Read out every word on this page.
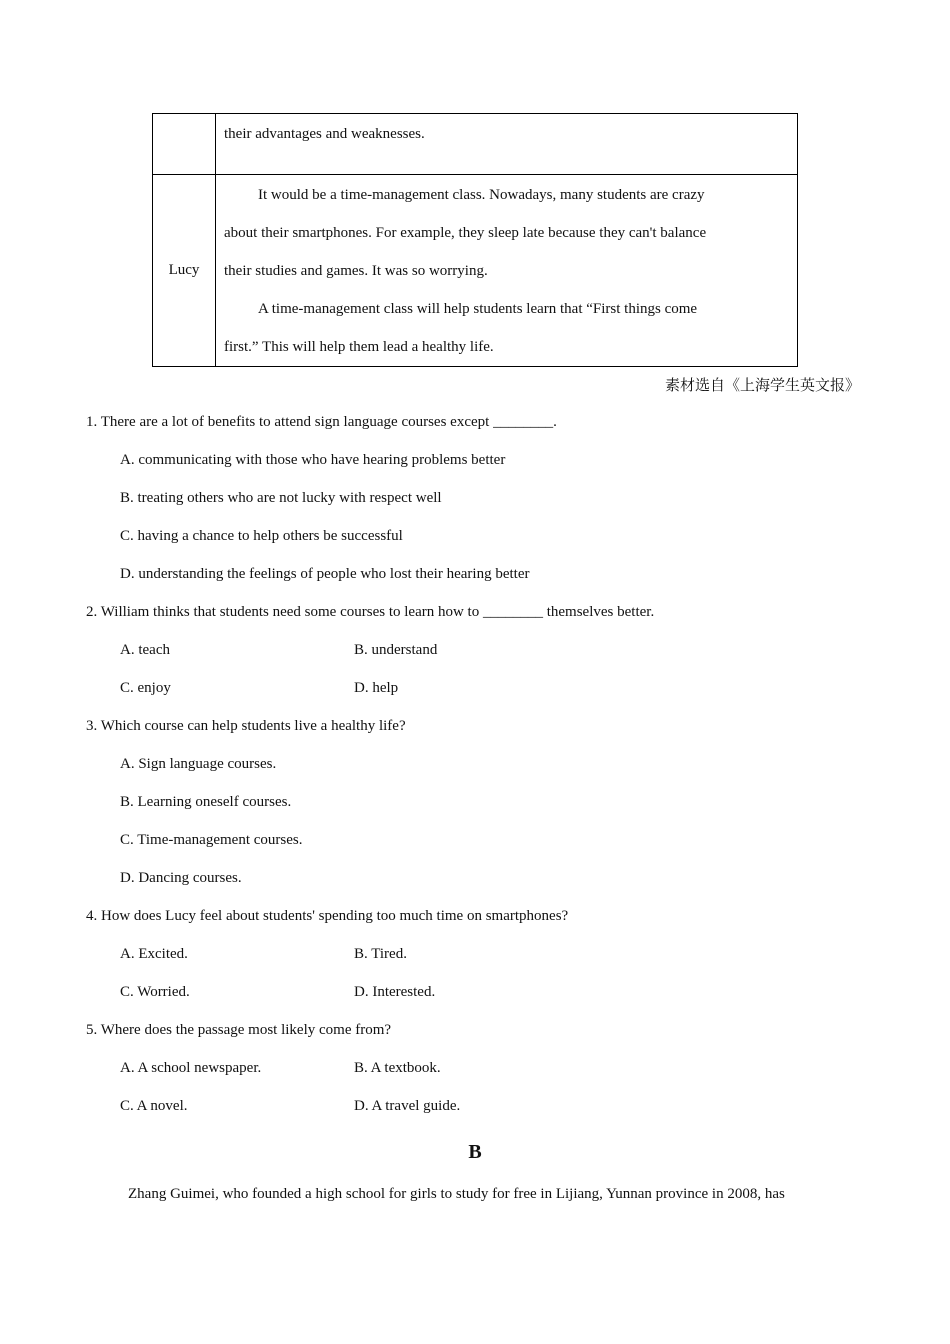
	their advantages and weaknesses.

Lucy	It would be a time-management class. Nowadays, many students are crazy

about their smartphones. For example, they sleep late because they can't balance

their studies and games. It was so worrying.

A time-management class will help students learn that “First things come

first.” This will help them lead a healthy life.

素材选自《上海学生英文报》
1. There are a lot of benefits to attend sign language courses except ________.
A. communicating with those who have hearing problems better
B. treating others who are not lucky with respect well
C. having a chance to help others be successful
D. understanding the feelings of people who lost their hearing better
2. William thinks that students need some courses to learn how to ________ themselves better.
A. teach	B. understand
C. enjoy	D. help
3. Which course can help students live a healthy life?
A. Sign language courses.
B. Learning oneself courses.
C. Time-management courses.
D. Dancing courses.
4. How does Lucy feel about students' spending too much time on smartphones?
A. Excited.	B. Tired.
C. Worried.	D. Interested.
5. Where does the passage most likely come from?
A. A school newspaper.	B. A textbook.
C. A novel.	D. A travel guide.
B
Zhang Guimei, who founded a high school for girls to study for free in Lijiang, Yunnan province in 2008, has
